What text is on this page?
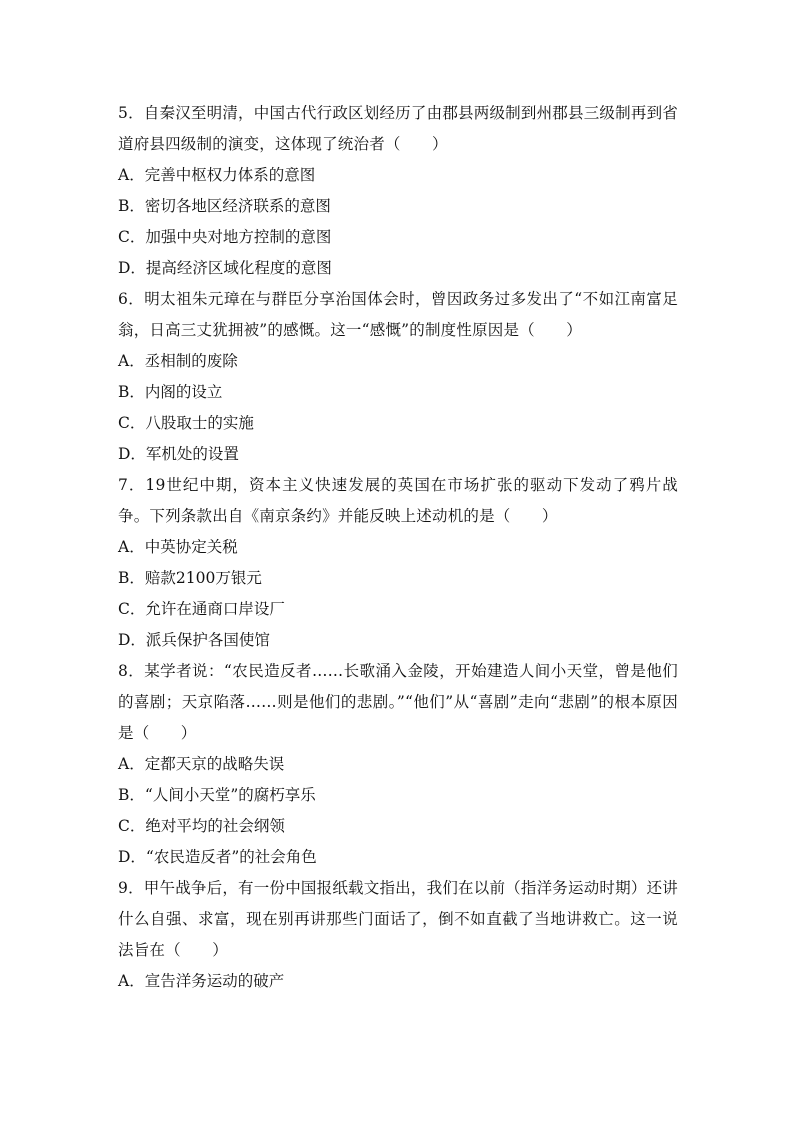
5．自秦汉至明清，中国古代行政区划经历了由郡县两级制到州郡县三级制再到省道府县四级制的演变，这体现了统治者（　　）

A．完善中枢权力体系的意图

B．密切各地区经济联系的意图

C．加强中央对地方控制的意图

D．提高经济区域化程度的意图

6．明太祖朱元璋在与群臣分享治国体会时，曾因政务过多发出了“不如江南富足翁，日高三丈犹拥被”的感慨。这一“感慨”的制度性原因是（　　）

A．丞相制的废除

B．内阁的设立

C．八股取士的实施

D．军机处的设置

7．19世纪中期，资本主义快速发展的英国在市场扩张的驱动下发动了鸦片战争。下列条款出自《南京条约》并能反映上述动机的是（　　）

A．中英协定关税

B．赔款2100万银元

C．允许在通商口岸设厂

D．派兵保护各国使馆

8．某学者说：“农民造反者……长歌涌入金陵，开始建造人间小天堂，曾是他们的喜剧；天京陷落……则是他们的悲剧。”“他们”从“喜剧”走向“悲剧”的根本原因是（　　）

A．定都天京的战略失误

B．“人间小天堂”的腐朽享乐

C．绝对平均的社会纲领

D．“农民造反者”的社会角色

9．甲午战争后，有一份中国报纸载文指出，我们在以前（指洋务运动时期）还讲什么自强、求富，现在别再讲那些门面话了，倒不如直截了当地讲救亡。这一说法旨在（　　）

A．宣告洋务运动的破产
